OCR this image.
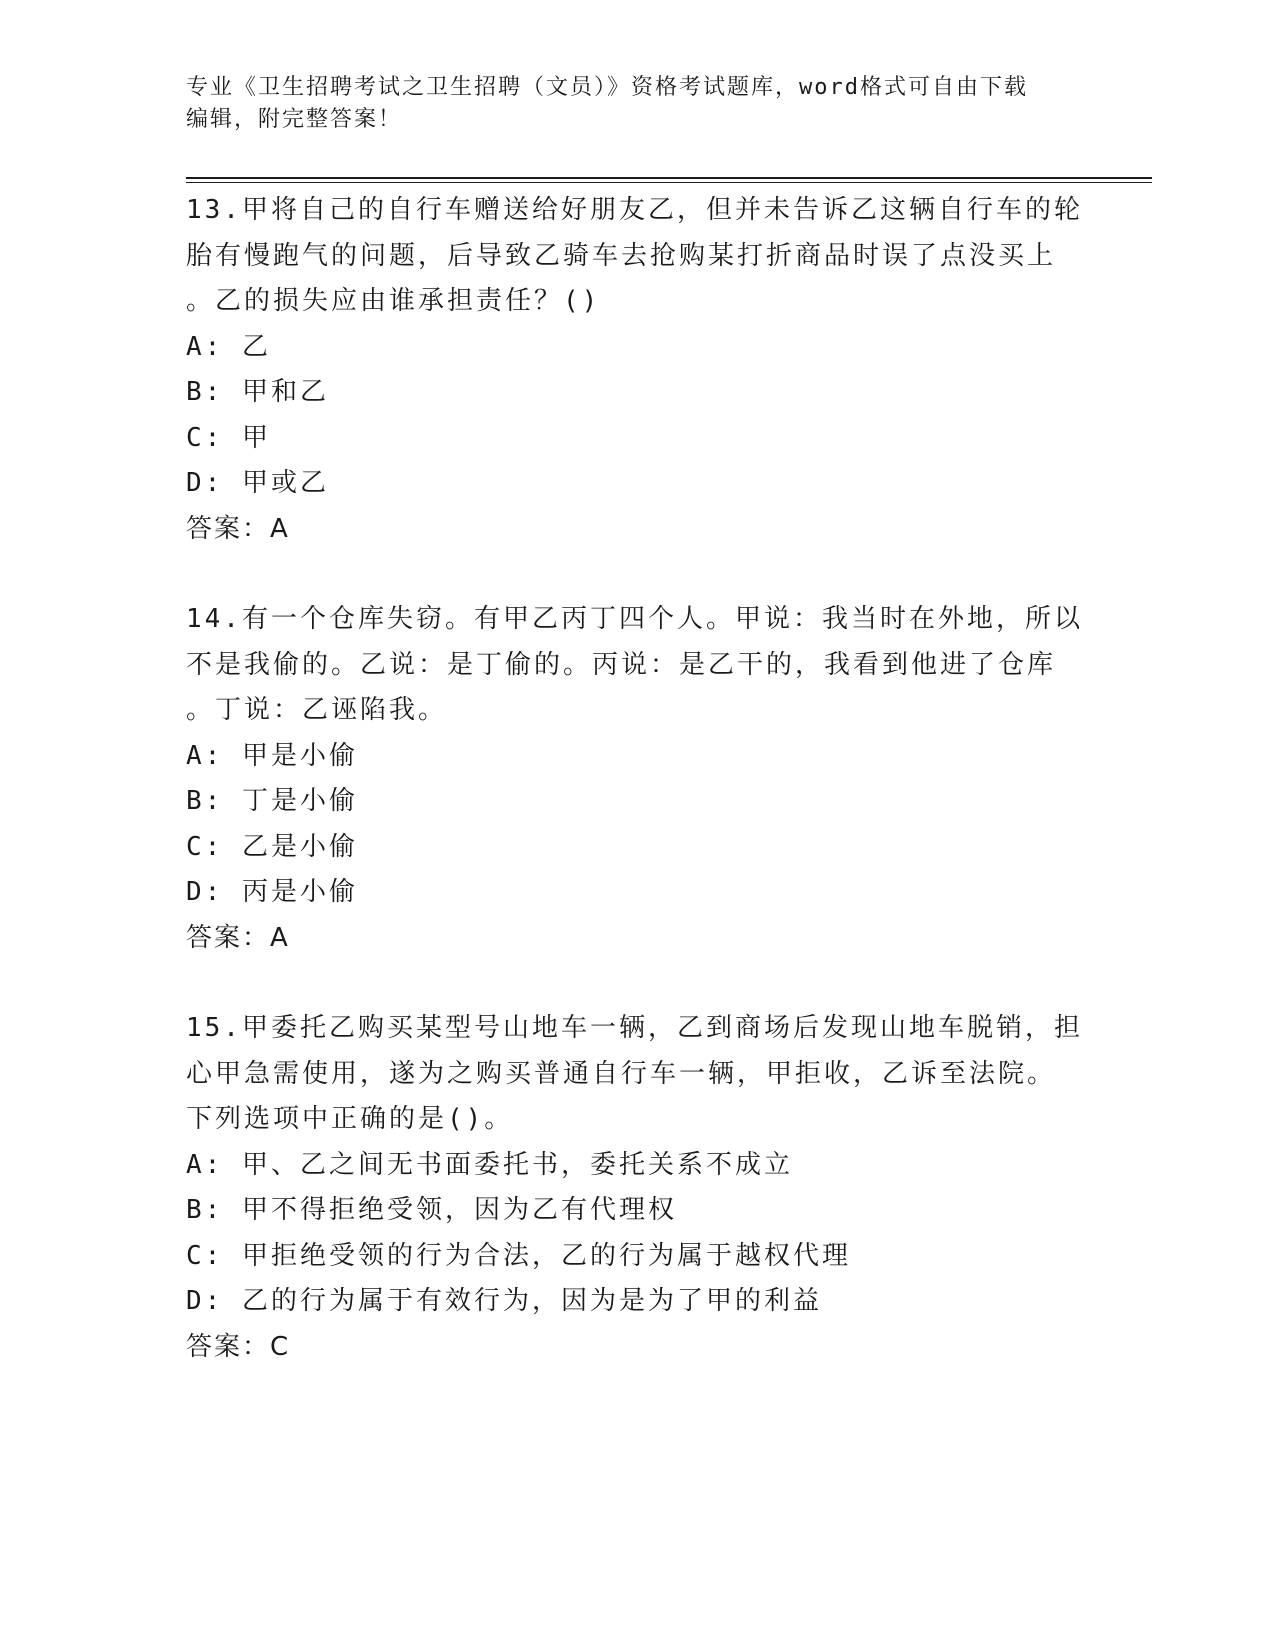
专业《卫生招聘考试之卫生招聘（文员）》资格考试题库，word格式可自由下载
编辑，附完整答案！
13.甲将自己的自行车赠送给好朋友乙，但并未告诉乙这辆自行车的轮
胎有慢跑气的问题，后导致乙骑车去抢购某打折商品时误了点没买上
。乙的损失应由谁承担责任？()
A: 乙
B: 甲和乙
C: 甲
D: 甲或乙
答案：A
14.有一个仓库失窃。有甲乙丙丁四个人。甲说：我当时在外地，所以
不是我偷的。乙说：是丁偷的。丙说：是乙干的，我看到他进了仓库
。丁说：乙诬陷我。
A: 甲是小偷
B: 丁是小偷
C: 乙是小偷
D: 丙是小偷
答案：A
15.甲委托乙购买某型号山地车一辆，乙到商场后发现山地车脱销，担
心甲急需使用，遂为之购买普通自行车一辆，甲拒收，乙诉至法院。
下列选项中正确的是()。
A: 甲、乙之间无书面委托书，委托关系不成立
B: 甲不得拒绝受领，因为乙有代理权
C: 甲拒绝受领的行为合法，乙的行为属于越权代理
D: 乙的行为属于有效行为，因为是为了甲的利益
答案：C
